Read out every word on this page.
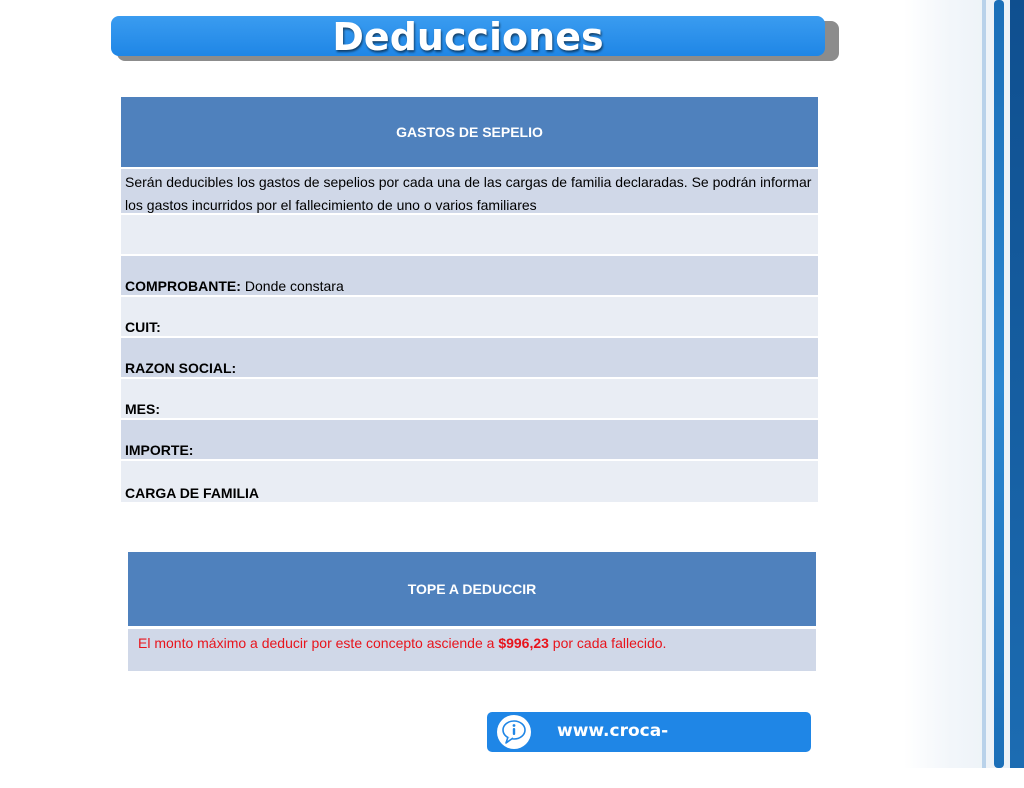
Deducciones
GASTOS DE SEPELIO
Serán deducibles los gastos de sepelios por cada una de las cargas de familia declaradas. Se podrán informar los gastos incurridos por el fallecimiento de uno o varios familiares
COMPROBANTE: Donde constara
CUIT:
RAZON SOCIAL:
MES:
IMPORTE:
CARGA DE FAMILIA
TOPE A DEDUCCIR
El monto máximo a deducir por este concepto asciende a $996,23 por cada fallecido.
www.croca-consultores.com
